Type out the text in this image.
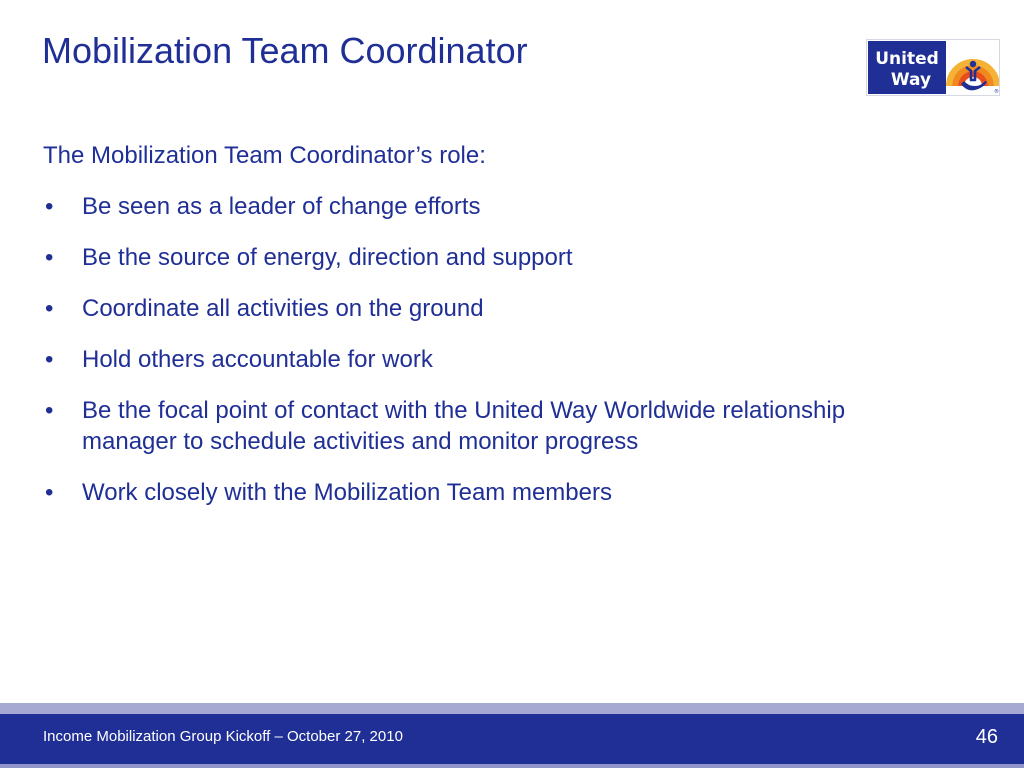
Mobilization Team Coordinator	United
Way
®

The Mobilization Team Coordinator’s role:

• Be seen as a leader of change efforts
• Be the source of energy, direction and support
• Coordinate all activities on the ground
• Hold others accountable for work
• Be the focal point of contact with the United Way Worldwide relationship manager to schedule activities and monitor progress
• Work closely with the Mobilization Team members
Income Mobilization Group Kickoff – October 27, 2010	46
